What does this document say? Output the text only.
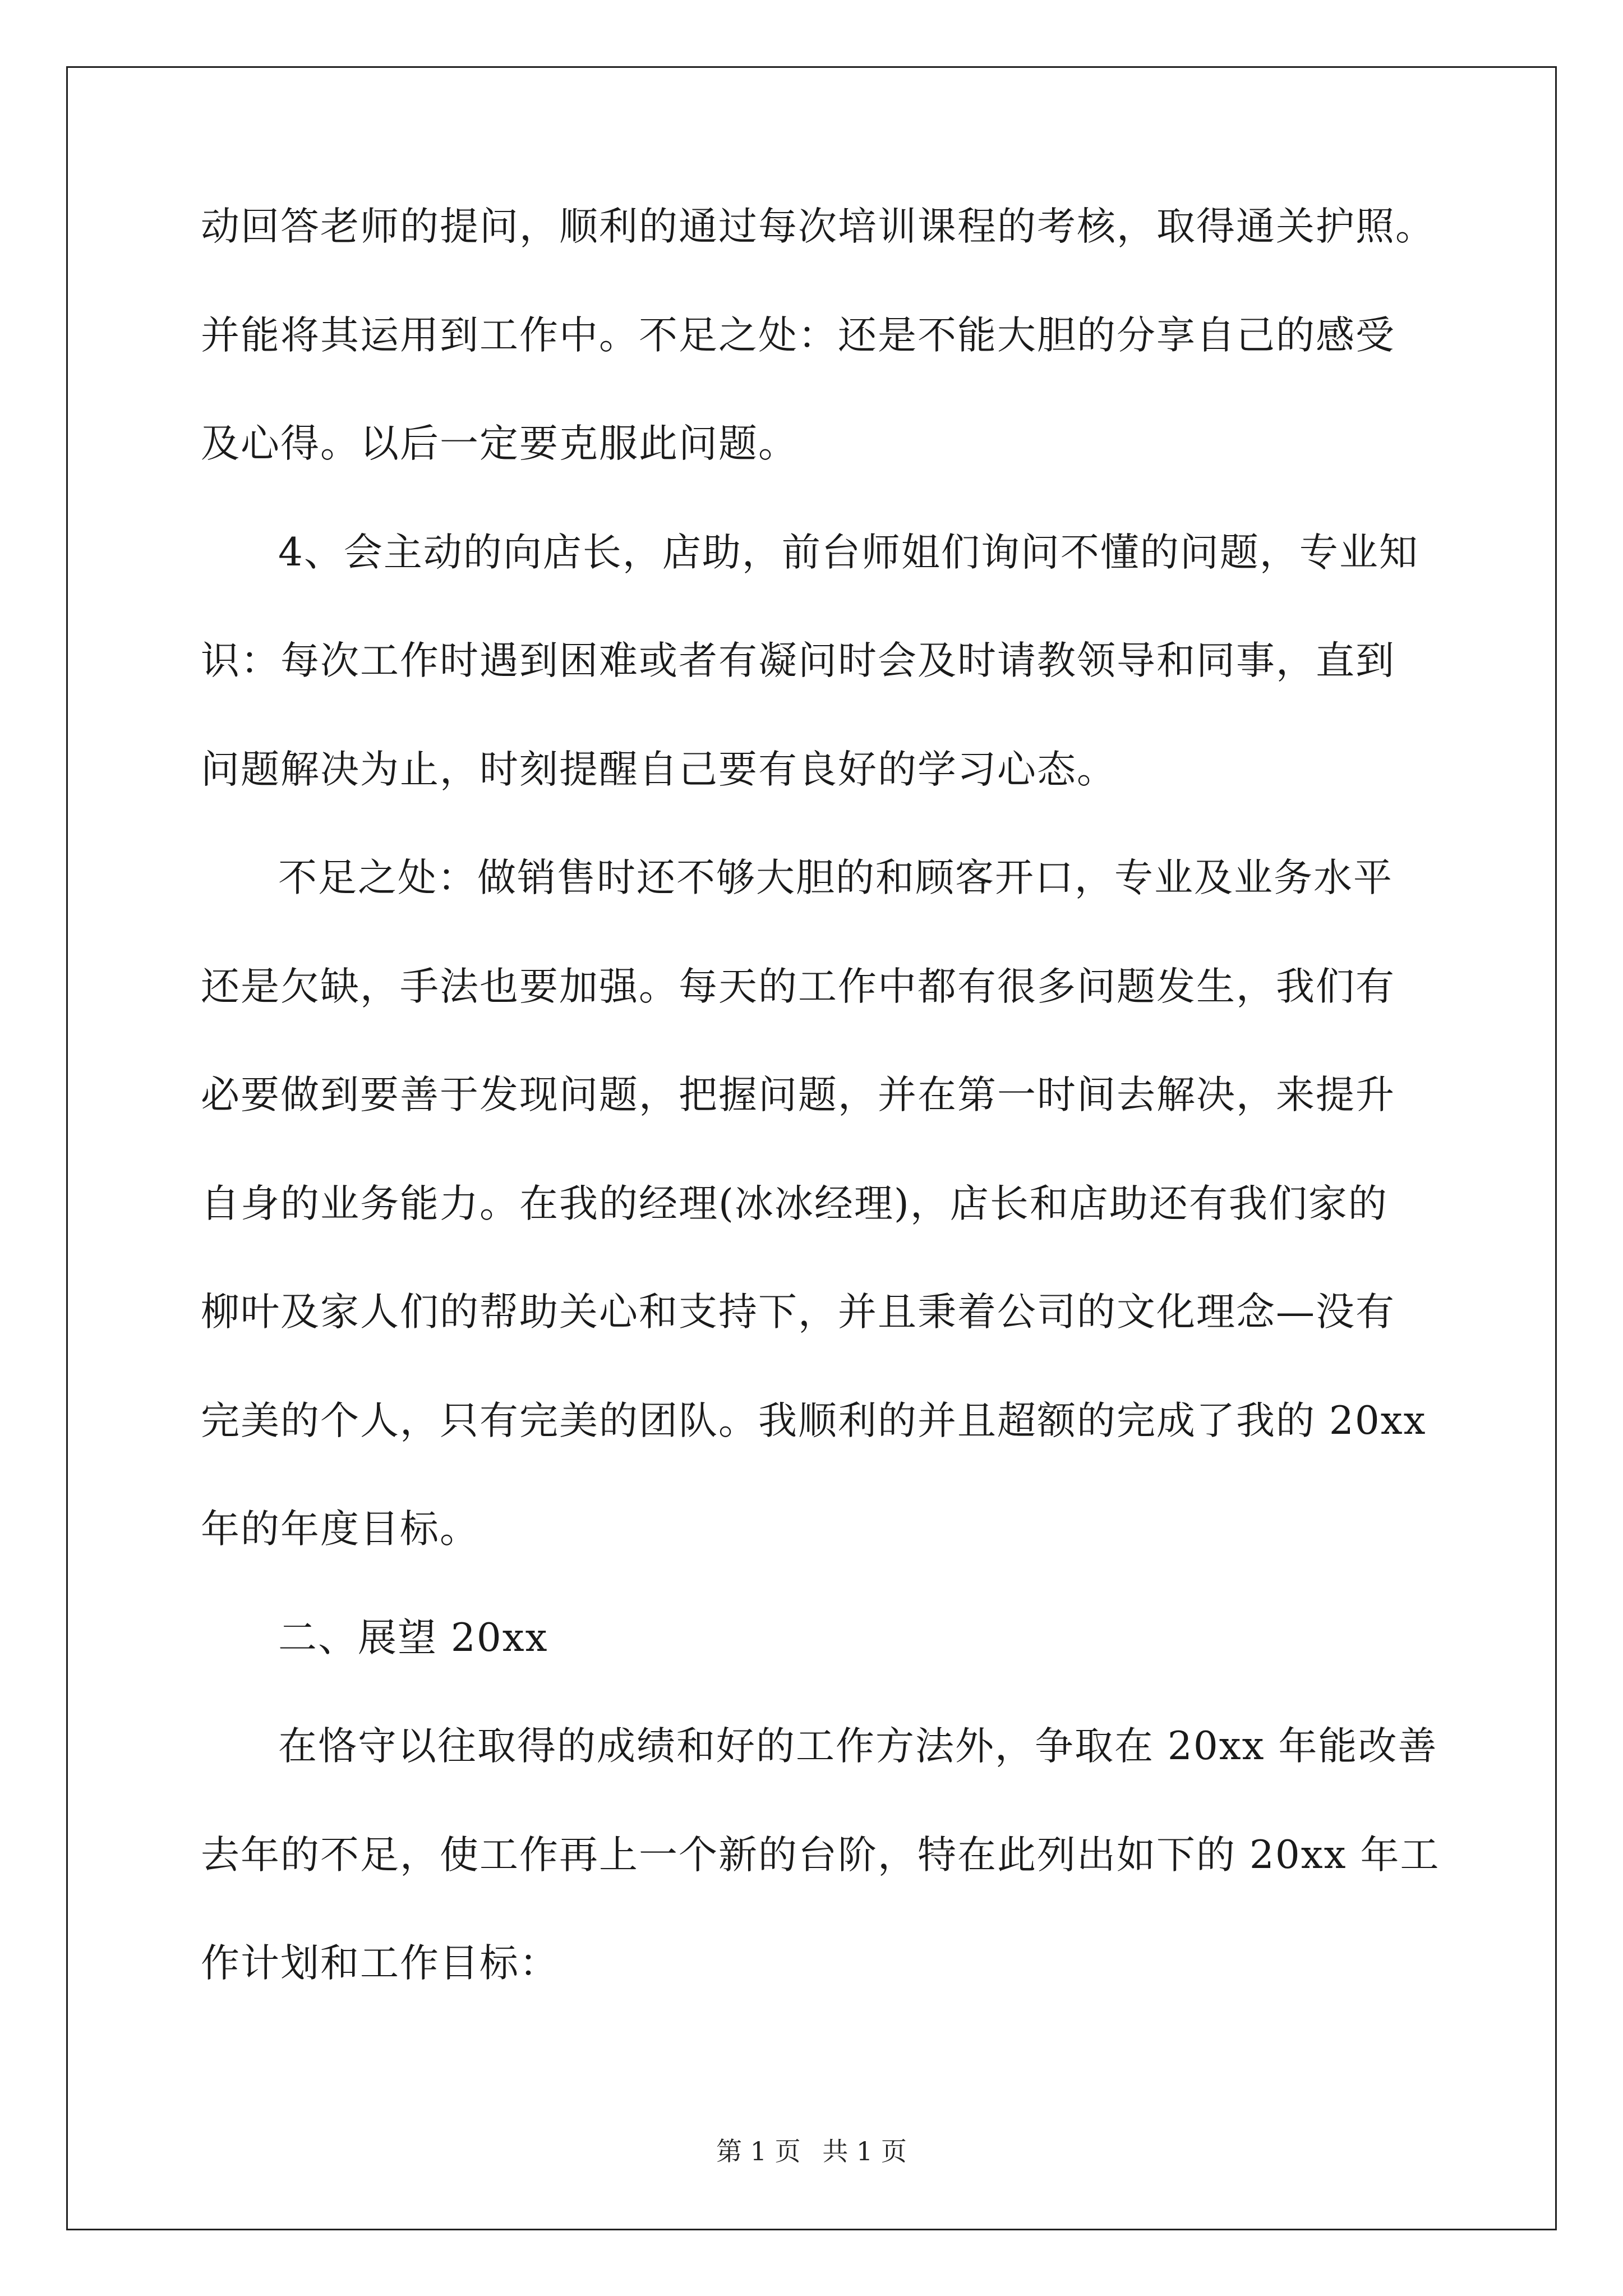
动回答老师的提问，顺利的通过每次培训课程的考核，取得通关护照。

并能将其运用到工作中。不足之处：还是不能大胆的分享自己的感受

及心得。以后一定要克服此问题。

4、会主动的向店长，店助，前台师姐们询问不懂的问题，专业知

识：每次工作时遇到困难或者有凝问时会及时请教领导和同事，直到

问题解决为止，时刻提醒自己要有良好的学习心态。

不足之处：做销售时还不够大胆的和顾客开口，专业及业务水平

还是欠缺，手法也要加强。每天的工作中都有很多问题发生，我们有

必要做到要善于发现问题，把握问题，并在第一时间去解决，来提升

自身的业务能力。在我的经理(冰冰经理)，店长和店助还有我们家的

柳叶及家人们的帮助关心和支持下，并且秉着公司的文化理念—没有

完美的个人，只有完美的团队。我顺利的并且超额的完成了我的 20xx

年的年度目标。

二、展望 20xx

在恪守以往取得的成绩和好的工作方法外，争取在 20xx 年能改善

去年的不足，使工作再上一个新的台阶，特在此列出如下的 20xx 年工

作计划和工作目标：

第 1 页 共 1 页
